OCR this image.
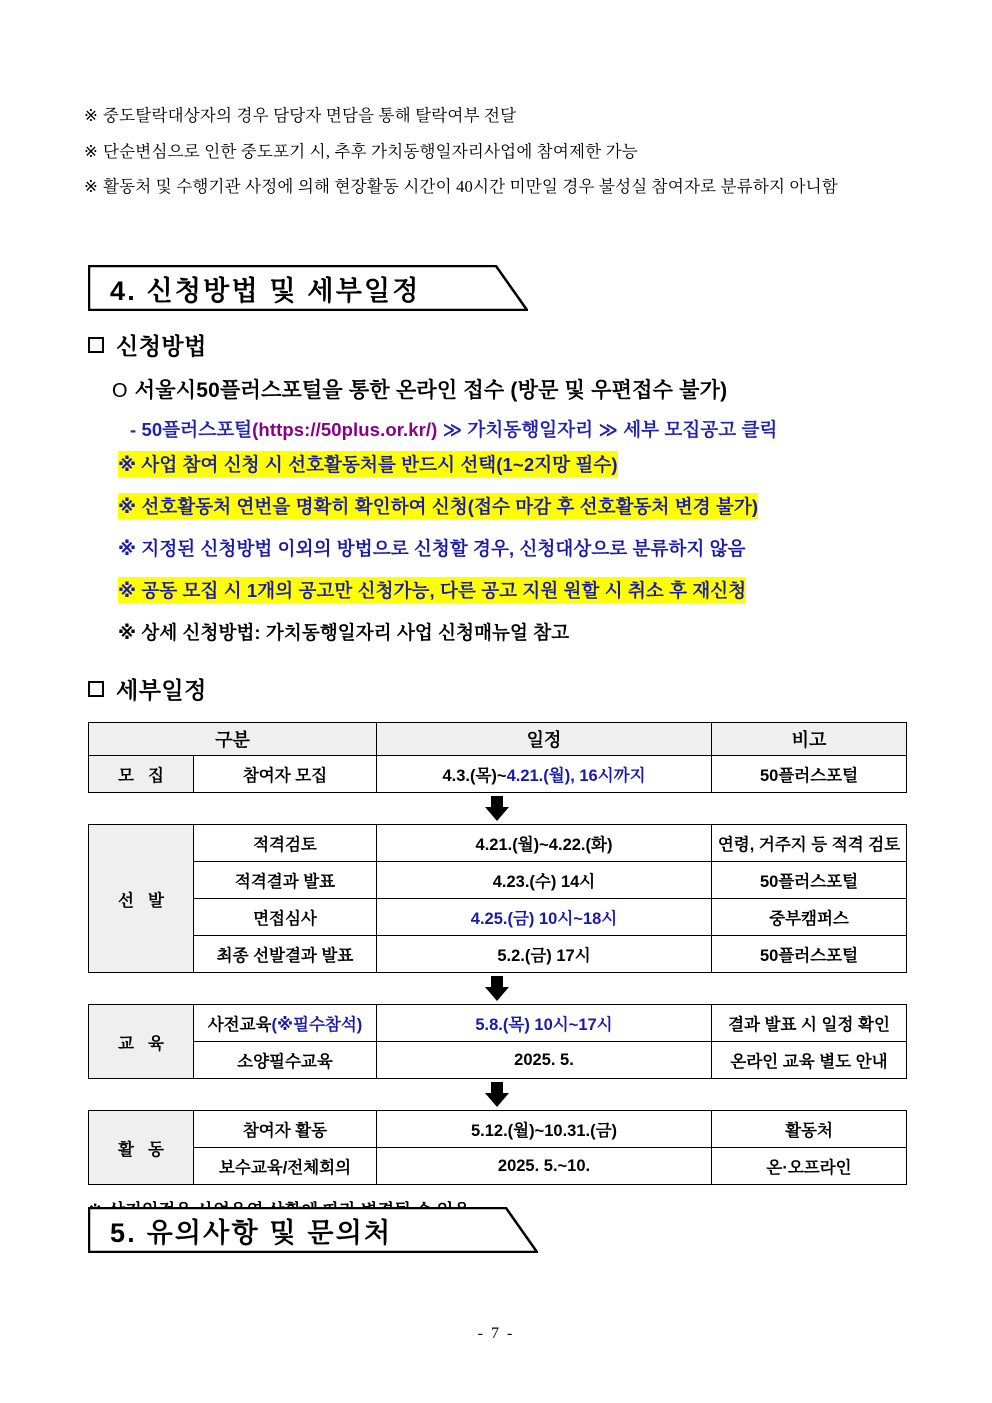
※ 중도탈락대상자의 경우 담당자 면담을 통해 탈락여부 전달
※ 단순변심으로 인한 중도포기 시, 추후 가치동행일자리사업에 참여제한 가능
※ 활동처 및 수행기관 사정에 의해 현장활동 시간이 40시간 미만일 경우 불성실 참여자로 분류하지 아니함
4. 신청방법 및 세부일정
신청방법
O 서울시50플러스포털을 통한 온라인 접수 (방문 및 우편접수 불가)
- 50플러스포털(https://50plus.or.kr/) ≫ 가치동행일자리 ≫ 세부 모집공고 클릭
※ 사업 참여 신청 시 선호활동처를 반드시 선택(1~2지망 필수)
※ 선호활동처 연번을 명확히 확인하여 신청(접수 마감 후 선호활동처 변경 불가)
※ 지정된 신청방법 이외의 방법으로 신청할 경우, 신청대상으로 분류하지 않음
※ 공동 모집 시 1개의 공고만 신청가능, 다른 공고 지원 원할 시 취소 후 재신청
※ 상세 신청방법: 가치동행일자리 사업 신청매뉴얼 참고
세부일정
구분		일정	비고
모집	참여자 모집	4.3.(목)~4.21.(월), 16시까지	50플러스포털
선발	적격검토	4.21.(월)~4.22.(화)	연령, 거주지 등 적격 검토
	적격결과 발표	4.23.(수) 14시	50플러스포털
	면접심사	4.25.(금) 10시~18시	중부캠퍼스
	최종 선발결과 발표	5.2.(금) 17시	50플러스포털
교육	사전교육(※필수참석)	5.8.(목) 10시~17시	결과 발표 시 일정 확인
	소양필수교육	2025. 5.	온라인 교육 별도 안내
활동	참여자 활동	5.12.(월)~10.31.(금)	활동처
	보수교육/전체회의	2025. 5.~10.	온·오프라인
5. 유의사항 및 문의처
- 7 -
